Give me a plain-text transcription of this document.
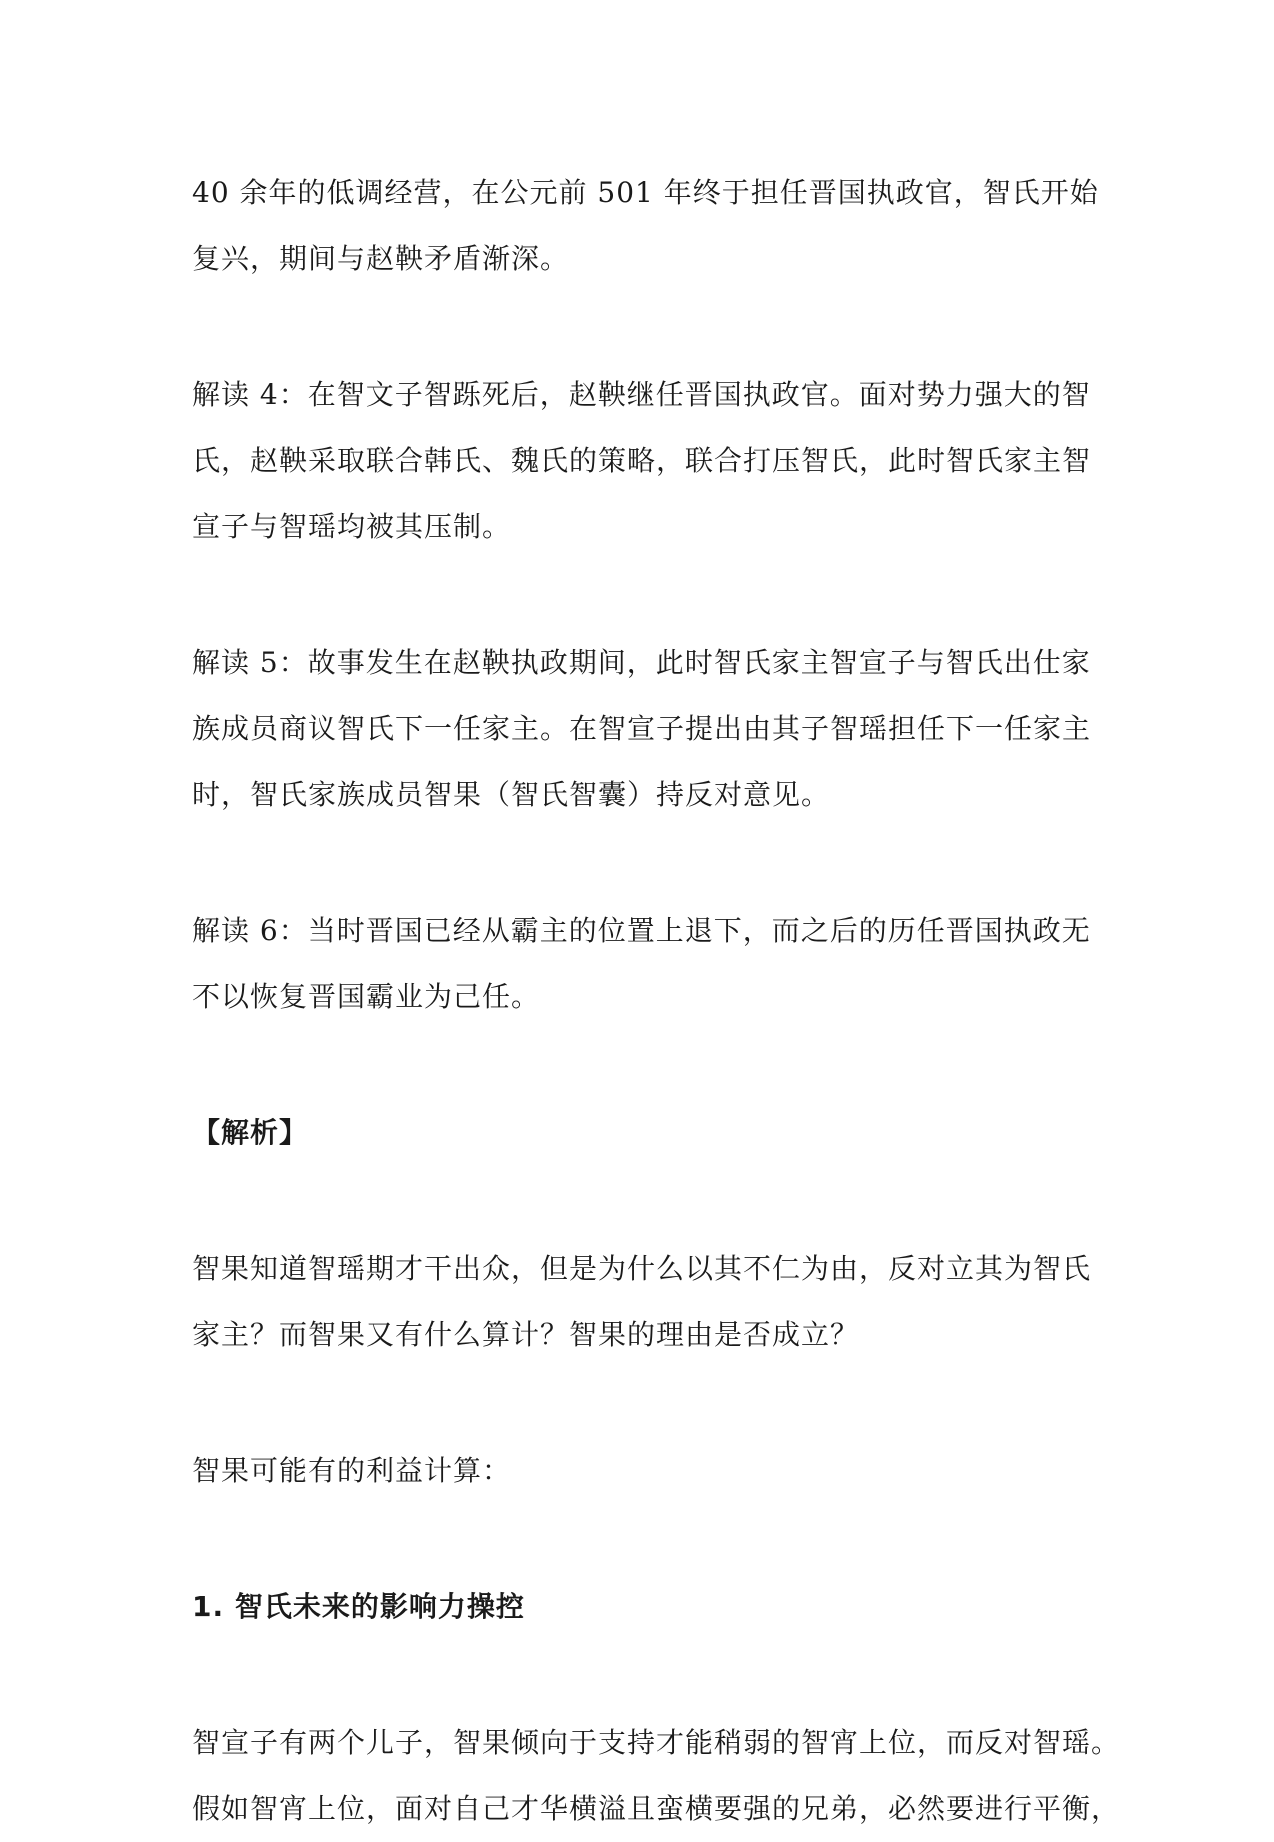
40 余年的低调经营，在公元前 501 年终于担任晋国执政官，智氏开始
复兴，期间与赵鞅矛盾渐深。

解读 4：在智文子智跞死后，赵鞅继任晋国执政官。面对势力强大的智
氏，赵鞅采取联合韩氏、魏氏的策略，联合打压智氏，此时智氏家主智
宣子与智瑶均被其压制。

解读 5：故事发生在赵鞅执政期间，此时智氏家主智宣子与智氏出仕家
族成员商议智氏下一任家主。在智宣子提出由其子智瑶担任下一任家主
时，智氏家族成员智果（智氏智囊）持反对意见。

解读 6：当时晋国已经从霸主的位置上退下，而之后的历任晋国执政无
不以恢复晋国霸业为己任。

【解析】

智果知道智瑶期才干出众，但是为什么以其不仁为由，反对立其为智氏
家主？而智果又有什么算计？智果的理由是否成立？

智果可能有的利益计算：

1. 智氏未来的影响力操控

智宣子有两个儿子，智果倾向于支持才能稍弱的智宵上位，而反对智瑶。
假如智宵上位，面对自己才华横溢且蛮横要强的兄弟，必然要进行平衡，
